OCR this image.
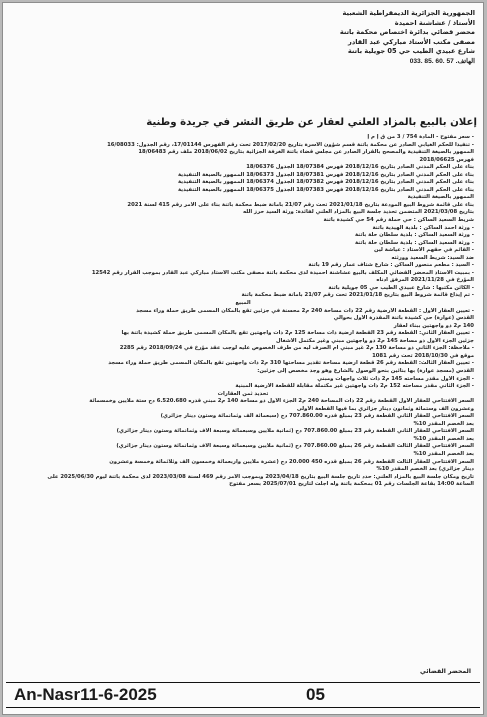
الجمهورية الجزائرية الديمقراطية الشعبية
الأستاذ / عشاشنة احميدة
محضر قضائي بدائرة اختصاص محكمة باتنة
مصفى مكتب الأستاذ مباركي عبد القادر
شارع عبيدي الطيب حي 05 جويلية باتنة
الهاتف. 57 .60 .85 .033
إعلان بالبيع بالمزاد العلني لعقار عن طريق النشر في جريدة وطنية
- سعر مفتوح - المادة 754 / 3 من ق إ م إ
- تنفيذا للحكم الغيابي الصادر عن محكمة باتنة قسم شؤون الأسرة بتاريخ 2017/02/20 تحت رقم الفهرس 17/01144، رقم الجدول: 16/08033
الممهور بالصيغة التنفيذية والمصحح بالقرار الصادر عن مجلس قضاء باتنة الغرفة الجزائية بتاريخ 2018/06/02 ملف رقم 18/06483
فهرس 2018/06625
بناء على الحكم المدني الصادر بتاريخ 2018/12/16 فهرس 18/07384 الجدول 18/06376
بناء على الحكم المدني الصادر بتاريخ 2018/12/16 فهرس 18/07381 الجدول 18/06373 الممهور بالصيغة التنفيذية
بناء على الحكم المدني الصادر بتاريخ 2018/12/16 فهرس 18/07382 الجدول 18/06374 الممهور بالصيغة التنفيذية
بناء على الحكم المدني الصادر بتاريخ 2018/12/16 فهرس 18/07383 الجدول 18/06375 الممهور بالصيغة التنفيذية
الممهور بالصيغة التنفيذية
بناء على قائمة شروط البيع المودعة بتاريخ 2021/01/18 تحت رقم 21/07 بأمانة ضبط محكمة باتنة بناء على الأمر رقم 415 لسنة 2021
بتاريخ 2021/03/08 المتضمن تحديد جلسة البيع بالمزاد العلني لفائدة: ورثة السيد حرز الله
شريط السعيد الساكن : حي حملة رقم 54 حي كشيدة باتنة
- ورثة أحمد الساكن : بلدية الهيدية باتنة
- ورثة السعيد الساكن : بلدية سلطان حلة باتنة
- ورثة السعيد الساكن : بلدية سلطان حلة باتنة
- القائم في حقهم الأستاذ : عياشة لين
ضد السيد: شريط السعيد وورثته
- السيد : مطعم منصور الساكن : شارع شتاف عمار رقم 19 باتنة
- بمبيت الأستاذ المحضر القضائي المكلف بالبيع عشاشنة احميدة لدى محكمة باتنة مصفى مكتب الأستاذ مباركي عبد القادر بموجب القرار رقم 12542
المؤرخ في 2021/11/28 المرفق أدناه
- الكائن مكتبها : شارع عبيدي الطيب حي 05 جويلية باتنة
- تم إيداع قائمة شروط البيع بتاريخ 2021/01/18 تحت رقم 21/07 بأمانة ضبط محكمة باتنة
المبيع
- تعيين العقار الأول : القطعة الأرضية رقم 22 ذات مساحة 240 م2 محسنة في جزئين تقع بالمكان المسمى طريق حملة وراء مسجد
القدس (عوارة) حي كشيدة باتنة المقدرة الأول بحوالي
140 م2 ذو واجهتين ببناء لعقار
- تعيين العقار الثاني: القطعة رقم 23 القطعة أرضية ذات مساحة 125 م2 ذات واجهتين تقع بالمكان المسمى طريق حملة كشيدة باتنة بها
جزئين الجزء الأول ذو مساحة 145 م2 ذو واجهتين مبني وغير مكتمل الأشغال
- ملاحظة: الجزء الثاني ذو مساحة 130 م2 غير مبني أم الصرف ليه من طرف الخصوص عليه لوجب عقد مؤرخ في 2018/09/24 رقم 2285
موقع في 2018/10/30 تحت رقم 1081
- تعيين العقار الثالث: القطعة رقم 26 قطعة أرضية مساحة تقدير مساحتها 310 م2 ذات واجهتين تقع بالمكان المسمى طريق حملة وراء مسجد
القدس (مسجد عوارة) بها بنائين بنحو الوصول بالشارع وهو وجد مخصص إلى جزئين:
- الجزء الأول مقدر مساحته 145 م2 ذات ثلاث واجهات ومبني
- الجزء الثاني مقدر مساحته 152 م2 ذات واجهتين غير مكتملة مقابلة للقطعة الأرضية المبنية
تحديد ثمن العقارات
السعر الافتتاحي للعقار الأول القطعة رقم 22 ذات المساحة 240 م2 الجزء الأول ذو مساحة 140 م2 مبني قدره 6.520.680 دج ستة ملايين وخمسمائة
وعشرون ألف وستمائة وثمانون دينار جزائري بما فيها القطعة الأولى
السعر الافتتاحي للعقار الثاني القطعة رقم 23 بمبلغ قدره 707.860.00 دج (سبعمائة ألف وثمانمائة وستون دينار جزائري)
بعد الخصم المقدر 10%
السعر الافتتاحي للعقار الثاني القطعة رقم 23 بمبلغ 707.860.00 دج (ثمانية ملايين وسبعمائة وسبعة آلاف وثمانمائة وستون دينار جزائري)
بعد الخصم المقدر 10%
السعر الافتتاحي للعقار الثالث القطعة رقم 26 بمبلغ 707.860.00 دج (ثمانية ملايين وسبعمائة وسبعة آلاف وثمانمائة وستون دينار جزائري)
بعد الخصم المقدر 10%
السعر الافتتاحي للعقار الثالث القطعة رقم 26 بمبلغ قدره 450 20.000 دج (عشرة ملايين وأربعمائة وخمسون ألف وثلاثمائة وخمسة وعشرون
دينار جزائري) بعد الخصم المقدر 10%
تاريخ ومكان جلسة البيع بالمزاد العلني: حدد تاريخ جلسة البيع بتاريخ 2023/04/18 وبموجب الأمر رقم 469 لسنة 2023/03/08 لدى محكمة باتنة ليوم 2025/06/30 على
الساعة 14:00 بقاعة الجلسات رقم 01 بمحكمة باتنة وله أجلت لتاريخ 2025/07/01 بسعر مفتوح
المحضر القضائي
An-Nasr11-6-2025	05
